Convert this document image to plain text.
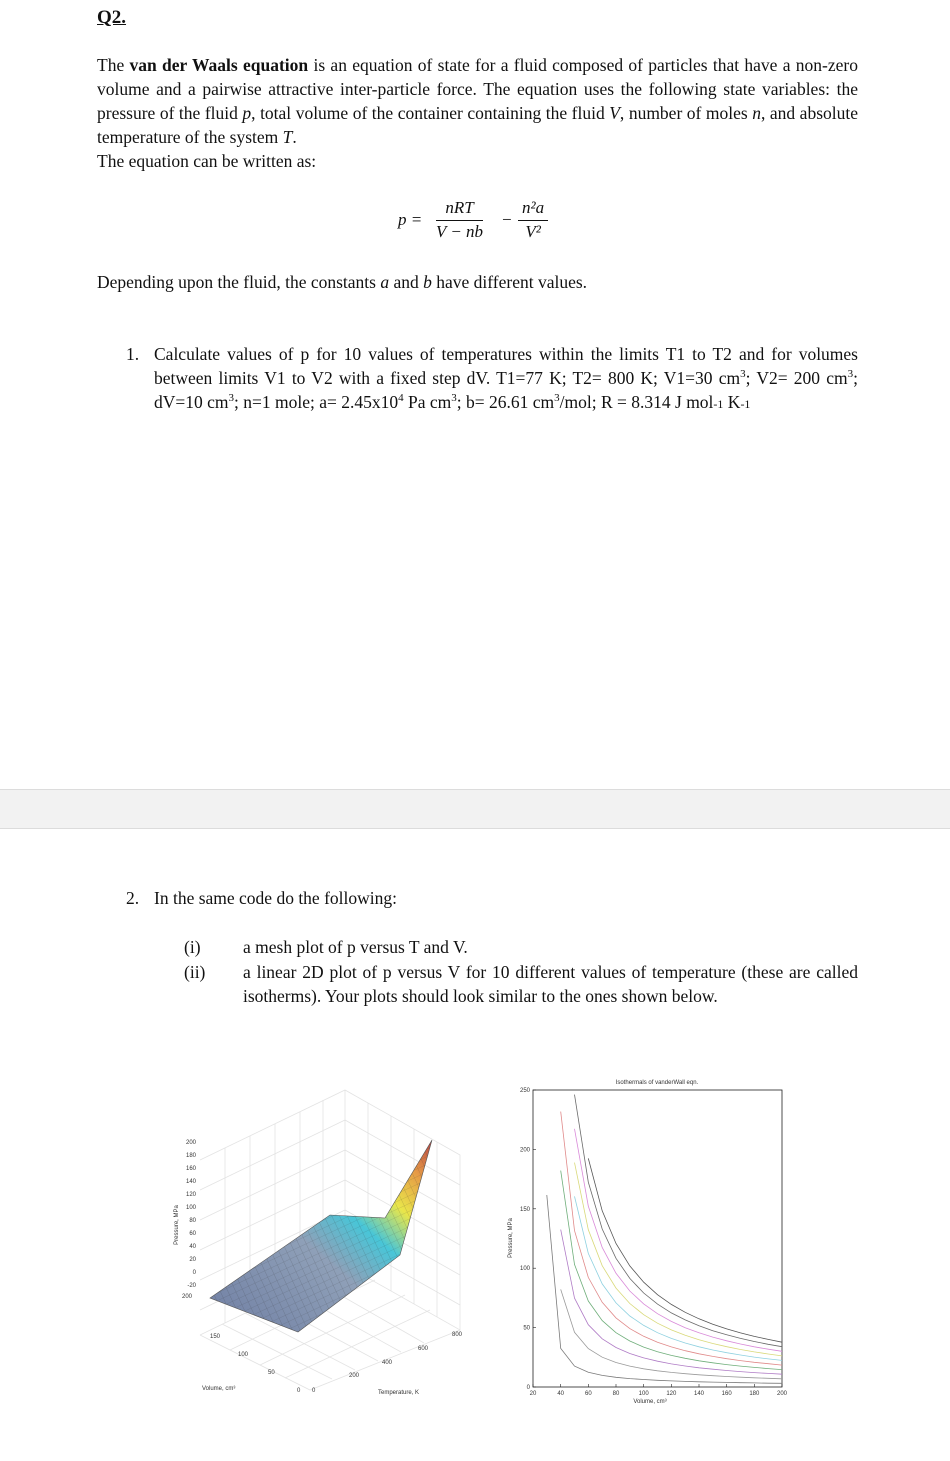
Q2.
The van der Waals equation is an equation of state for a fluid composed of particles that have a non-zero volume and a pairwise attractive inter-particle force. The equation uses the following state variables: the pressure of the fluid p, total volume of the container containing the fluid V, number of moles n, and absolute temperature of the system T.
The equation can be written as:
p =
nRT
V − nb
− $\frac{\text{n²a}}{\text{V²}}$
Depending upon the fluid, the constants a and b have different values.
1. Calculate values of p for 10 values of temperatures within the limits T1 to T2 and for volumes between limits V1 to V2 with a fixed step dV. T1=77 K; T2= 800 K; V1=30 $cm^3$; V2= 200 $cm^3$; dV=10 $cm^3$; n=1 mole; $a= 2.45x10^4$ Pa $cm^3$; b= 26.61 $cm^3$/mol; R = 8.314 J mol-1 K-1
2. In the same code do the following:
(i) a mesh plot of p versus T and V.
(ii) a linear 2D plot of p versus V for 10 different values of temperature (these are called isotherms). Your plots should look similar to the ones shown below.
200
180
160
140
120
100
80
60
40
20
0
-20
Pressure, MPa
200
150
100
50
0
Volume, cm³	0
200
400
600
800
Temperature, K
Isothermals of vanderWall eqn.
0
50
100
150
200
250
20	40	60	80	100	120	140	160	180	200
Volume, cm³
Pressure, MPa
